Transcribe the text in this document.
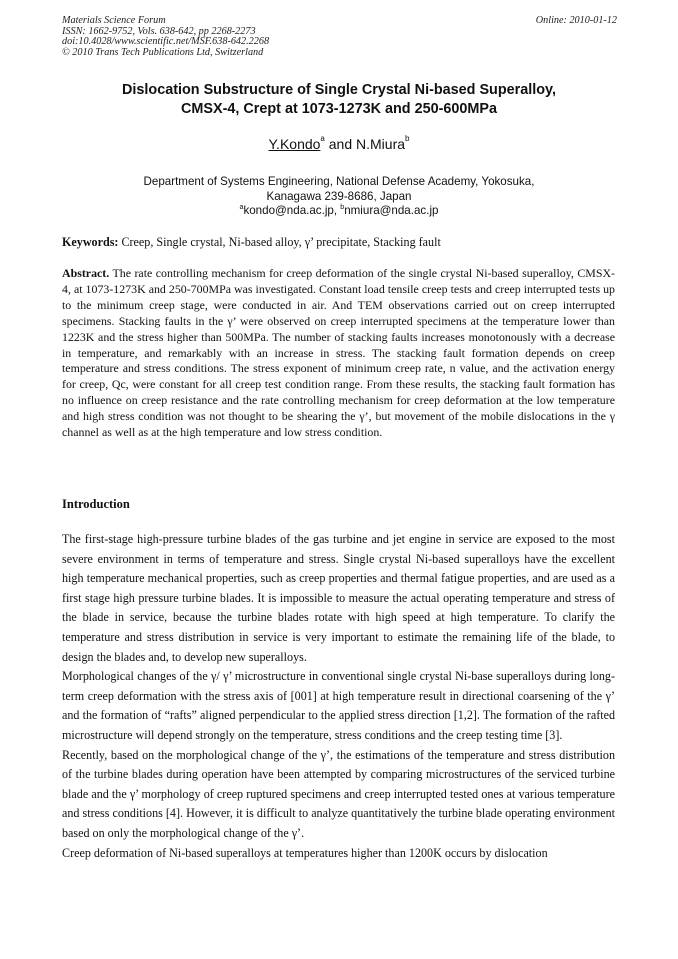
Materials Science Forum	Online: 2010-01-12
ISSN: 1662-9752, Vols. 638-642, pp 2268-2273
doi:10.4028/www.scientific.net/MSF.638-642.2268
© 2010 Trans Tech Publications Ltd, Switzerland
Dislocation Substructure of Single Crystal Ni-based Superalloy,
CMSX-4, Crept at 1073-1273K and 250-600MPa
Y.Kondo$^a$ and N.Miura$^b$
Department of Systems Engineering, National Defense Academy, Yokosuka,
Kanagawa 239-8686, Japan
$^a$kondo@nda.ac.jp, $^b$nmiura@nda.ac.jp
Keywords: Creep, Single crystal, Ni-based alloy, γ’ precipitate, Stacking fault
Abstract. The rate controlling mechanism for creep deformation of the single crystal Ni-based superalloy, CMSX-4, at 1073-1273K and 250-700MPa was investigated. Constant load tensile creep tests and creep interrupted tests up to the minimum creep stage, were conducted in air. And TEM observations carried out on creep interrupted specimens. Stacking faults in the γ’ were observed on creep interrupted specimens at the temperature lower than 1223K and the stress higher than 500MPa. The number of stacking faults increases monotonously with a decrease in temperature, and remarkably with an increase in stress. The stacking fault formation depends on creep temperature and stress conditions. The stress exponent of minimum creep rate, n value, and the activation energy for creep, Qc, were constant for all creep test condition range. From these results, the stacking fault formation has no influence on creep resistance and the rate controlling mechanism for creep deformation at the low temperature and high stress condition was not thought to be shearing the γ’, but movement of the mobile dislocations in the γ channel as well as at the high temperature and low stress condition.
Introduction

The first-stage high-pressure turbine blades of the gas turbine and jet engine in service are exposed to the most severe environment in terms of temperature and stress. Single crystal Ni-based superalloys have the excellent high temperature mechanical properties, such as creep properties and thermal fatigue properties, and are used as a first stage high pressure turbine blades. It is impossible to measure the actual operating temperature and stress of the blade in service, because the turbine blades rotate with high speed at high temperature. To clarify the temperature and stress distribution in service is very important to estimate the remaining life of the blade, to design the blades and, to develop new superalloys.

Morphological changes of the γ/ γ’ microstructure in conventional single crystal Ni-base superalloys during long-term creep deformation with the stress axis of [001] at high temperature result in directional coarsening of the γ’ and the formation of “rafts” aligned perpendicular to the applied stress direction [1,2]. The formation of the rafted microstructure will depend strongly on the temperature, stress conditions and the creep testing time [3].

Recently, based on the morphological change of the γ’, the estimations of the temperature and stress distribution of the turbine blades during operation have been attempted by comparing microstructures of the serviced turbine blade and the γ’ morphology of creep ruptured specimens and creep interrupted tested ones at various temperature and stress conditions [4]. However, it is difficult to analyze quantitatively the turbine blade operating environment based on only the morphological change of the γ’.

Creep deformation of Ni-based superalloys at temperatures higher than 1200K occurs by dislocation
